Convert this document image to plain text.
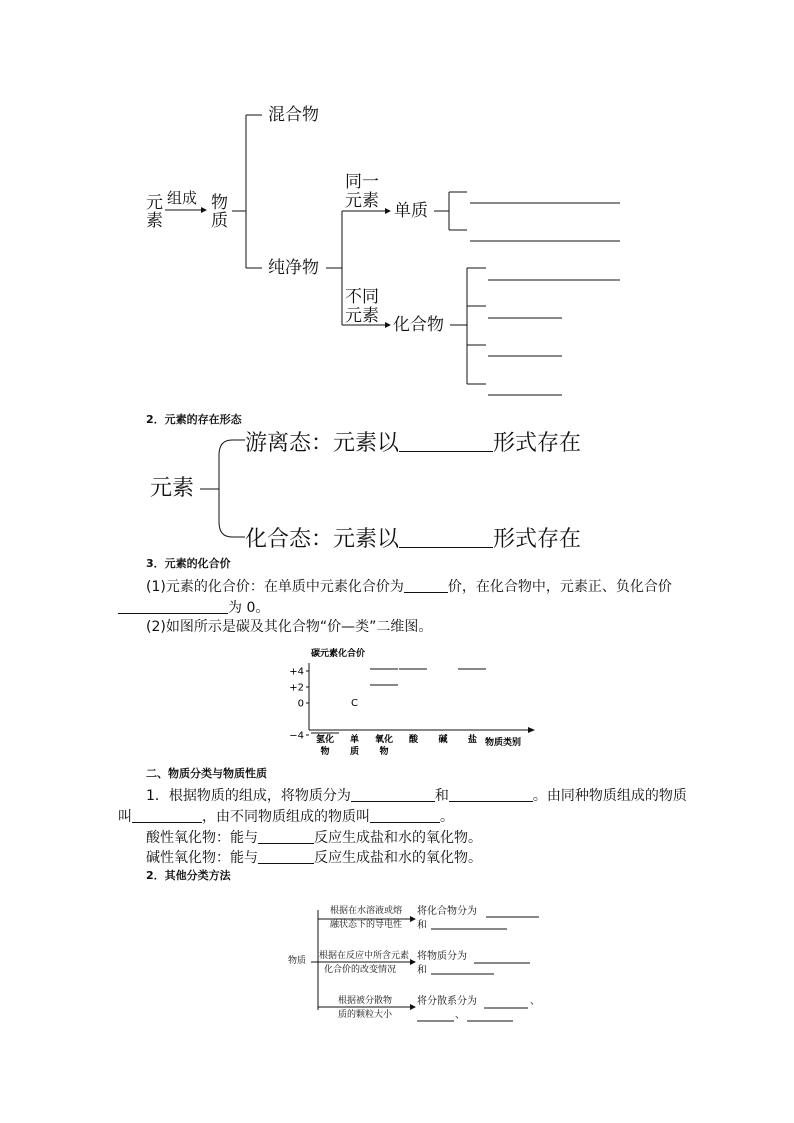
元
素
组成 物
质
混合物
纯净物
同一
元素 单质
不同
元素 化合物
2．元素的存在形态
元素
游离态：元素以	形式存在
化合态：元素以	形式存在
3．元素的化合价
(1)元素的化合价：在单质中元素化合价为	价，在化合物中，元素正、负化合价
为 0。
(2)如图所示是碳及其化合物“价—类”二维图。
碳元素化合价
物质类别
+4
+2
0
−4 氢化物
单质
氧化物
酸 碱 盐
C
二、物质分类与物质性质
1．根据物质的组成，将物质分为	和	。由同种物质组成的物质
叫	，由不同物质组成的物质叫	。
酸性氧化物：能与	反应生成盐和水的氧化物。
碱性氧化物：能与	反应生成盐和水的氧化物。
2．其他分类方法
物质
根据在水溶液或熔
融状态下的导电性
将化合物分为
和
根据在反应中所含元素
化合价的改变情况
将物质分为
和
根据被分散物
质的颗粒大小
将分散系分为	、
、
